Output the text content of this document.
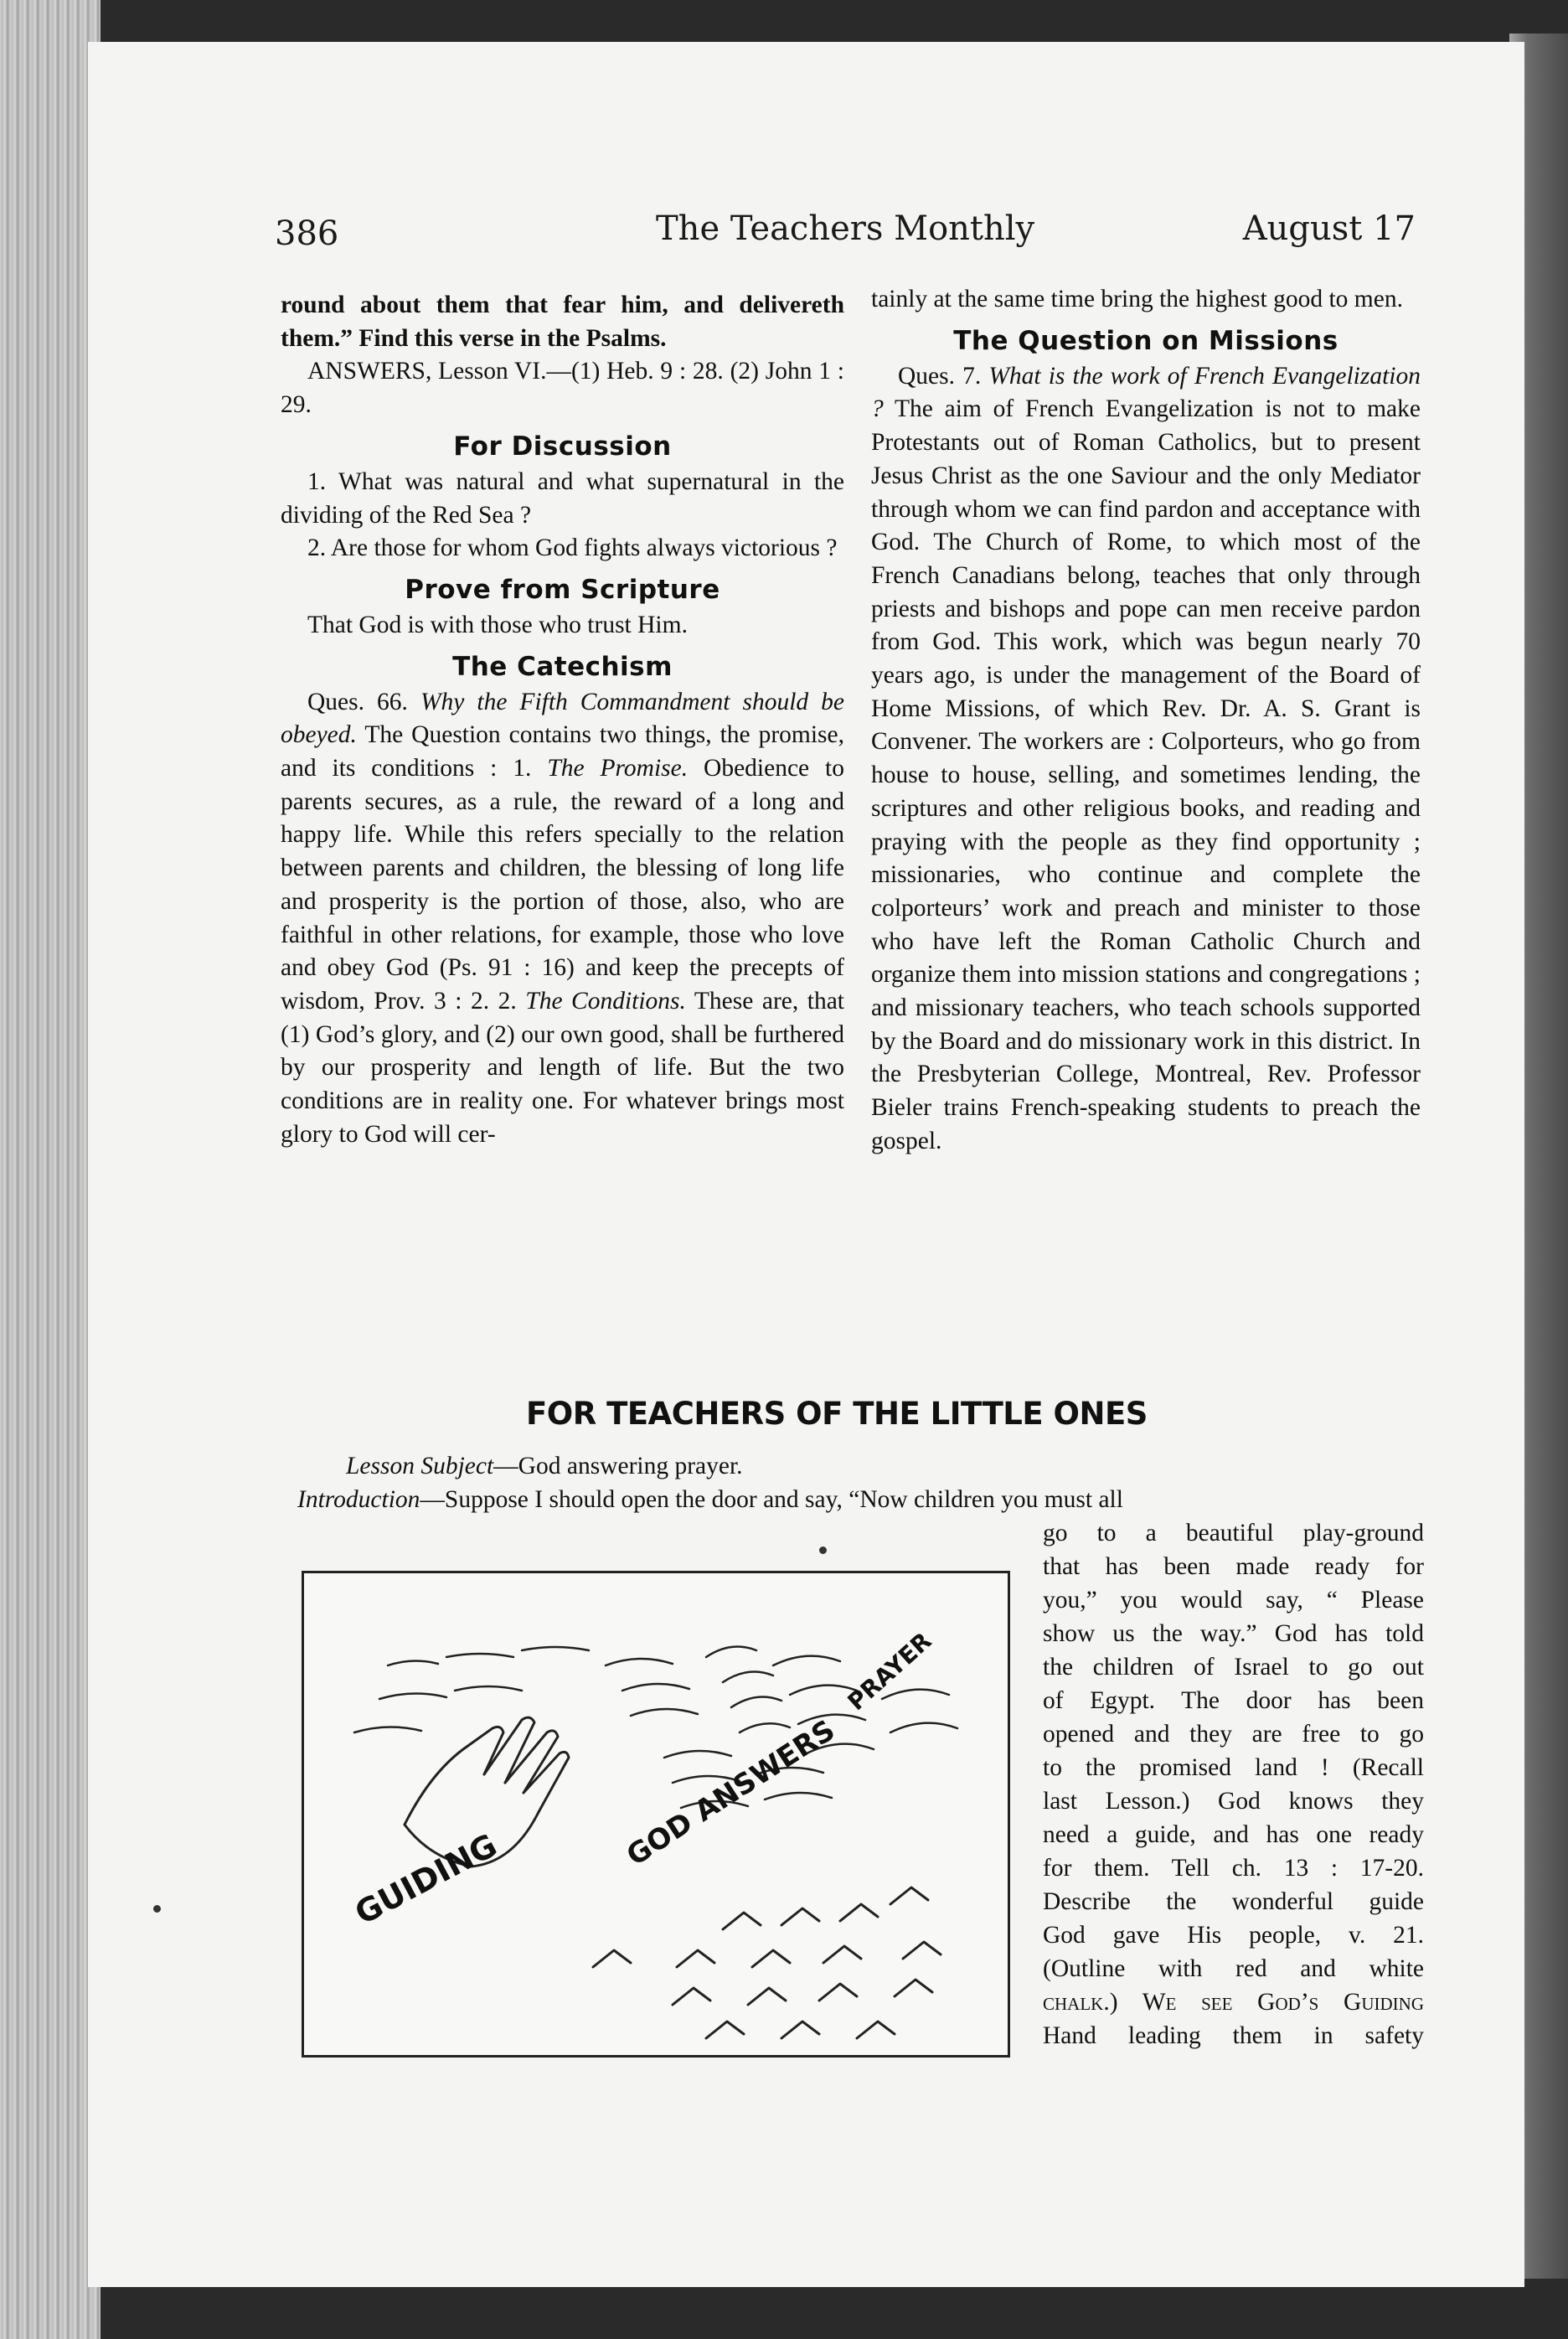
386	The Teachers Monthly	August 17

round about them that fear him, and delivereth them.” Find this verse in the Psalms.

ANSWERS, Lesson VI.—(1) Heb. 9 : 28. (2) John 1 : 29.

For Discussion

1. What was natural and what supernatural in the dividing of the Red Sea ?

2. Are those for whom God fights always victorious ?

Prove from Scripture

That God is with those who trust Him.

The Catechism

Ques. 66. Why the Fifth Commandment should be obeyed. The Question contains two things, the promise, and its conditions : 1. The Promise. Obedience to parents secures, as a rule, the reward of a long and happy life. While this refers specially to the relation between parents and children, the blessing of long life and prosperity is the portion of those, also, who are faithful in other relations, for example, those who love and obey God (Ps. 91 : 16) and keep the precepts of wisdom, Prov. 3 : 2. 2. The Conditions. These are, that (1) God’s glory, and (2) our own good, shall be furthered by our prosperity and length of life. But the two conditions are in reality one. For whatever brings most glory to God will cer-

tainly at the same time bring the highest good to men.

The Question on Missions

Ques. 7. What is the work of French Evangelization ? The aim of French Evangelization is not to make Protestants out of Roman Catholics, but to present Jesus Christ as the one Saviour and the only Mediator through whom we can find pardon and acceptance with God. The Church of Rome, to which most of the French Canadians belong, teaches that only through priests and bishops and pope can men receive pardon from God. This work, which was begun nearly 70 years ago, is under the management of the Board of Home Missions, of which Rev. Dr. A. S. Grant is Convener. The workers are : Colporteurs, who go from house to house, selling, and sometimes lending, the scriptures and other religious books, and reading and praying with the people as they find opportunity ; missionaries, who continue and complete the colporteurs’ work and preach and minister to those who have left the Roman Catholic Church and organize them into mission stations and congregations ; and missionary teachers, who teach schools supported by the Board and do missionary work in this district. In the Presbyterian College, Montreal, Rev. Professor Bieler trains French-speaking students to preach the gospel.

FOR TEACHERS OF THE LITTLE ONES

Lesson Subject—God answering prayer.

Introduction—Suppose I should open the door and say, “Now children you must all

go to a beautiful play-ground
that has been made ready for
you,” you would say, “ Please
show us the way.” God has told
the children of Israel to go out
of Egypt. The door has been
opened and they are free to go
to the promised land ! (Recall
last Lesson.) God knows they
need a guide, and has one ready
for them. Tell ch. 13 : 17-20.
Describe the wonderful guide
God gave His people, v. 21.
(Outline with red and white
chalk.) We see God’s Guiding
Hand leading them in safety
GUIDING
GOD ANSWERS
PRAYER
